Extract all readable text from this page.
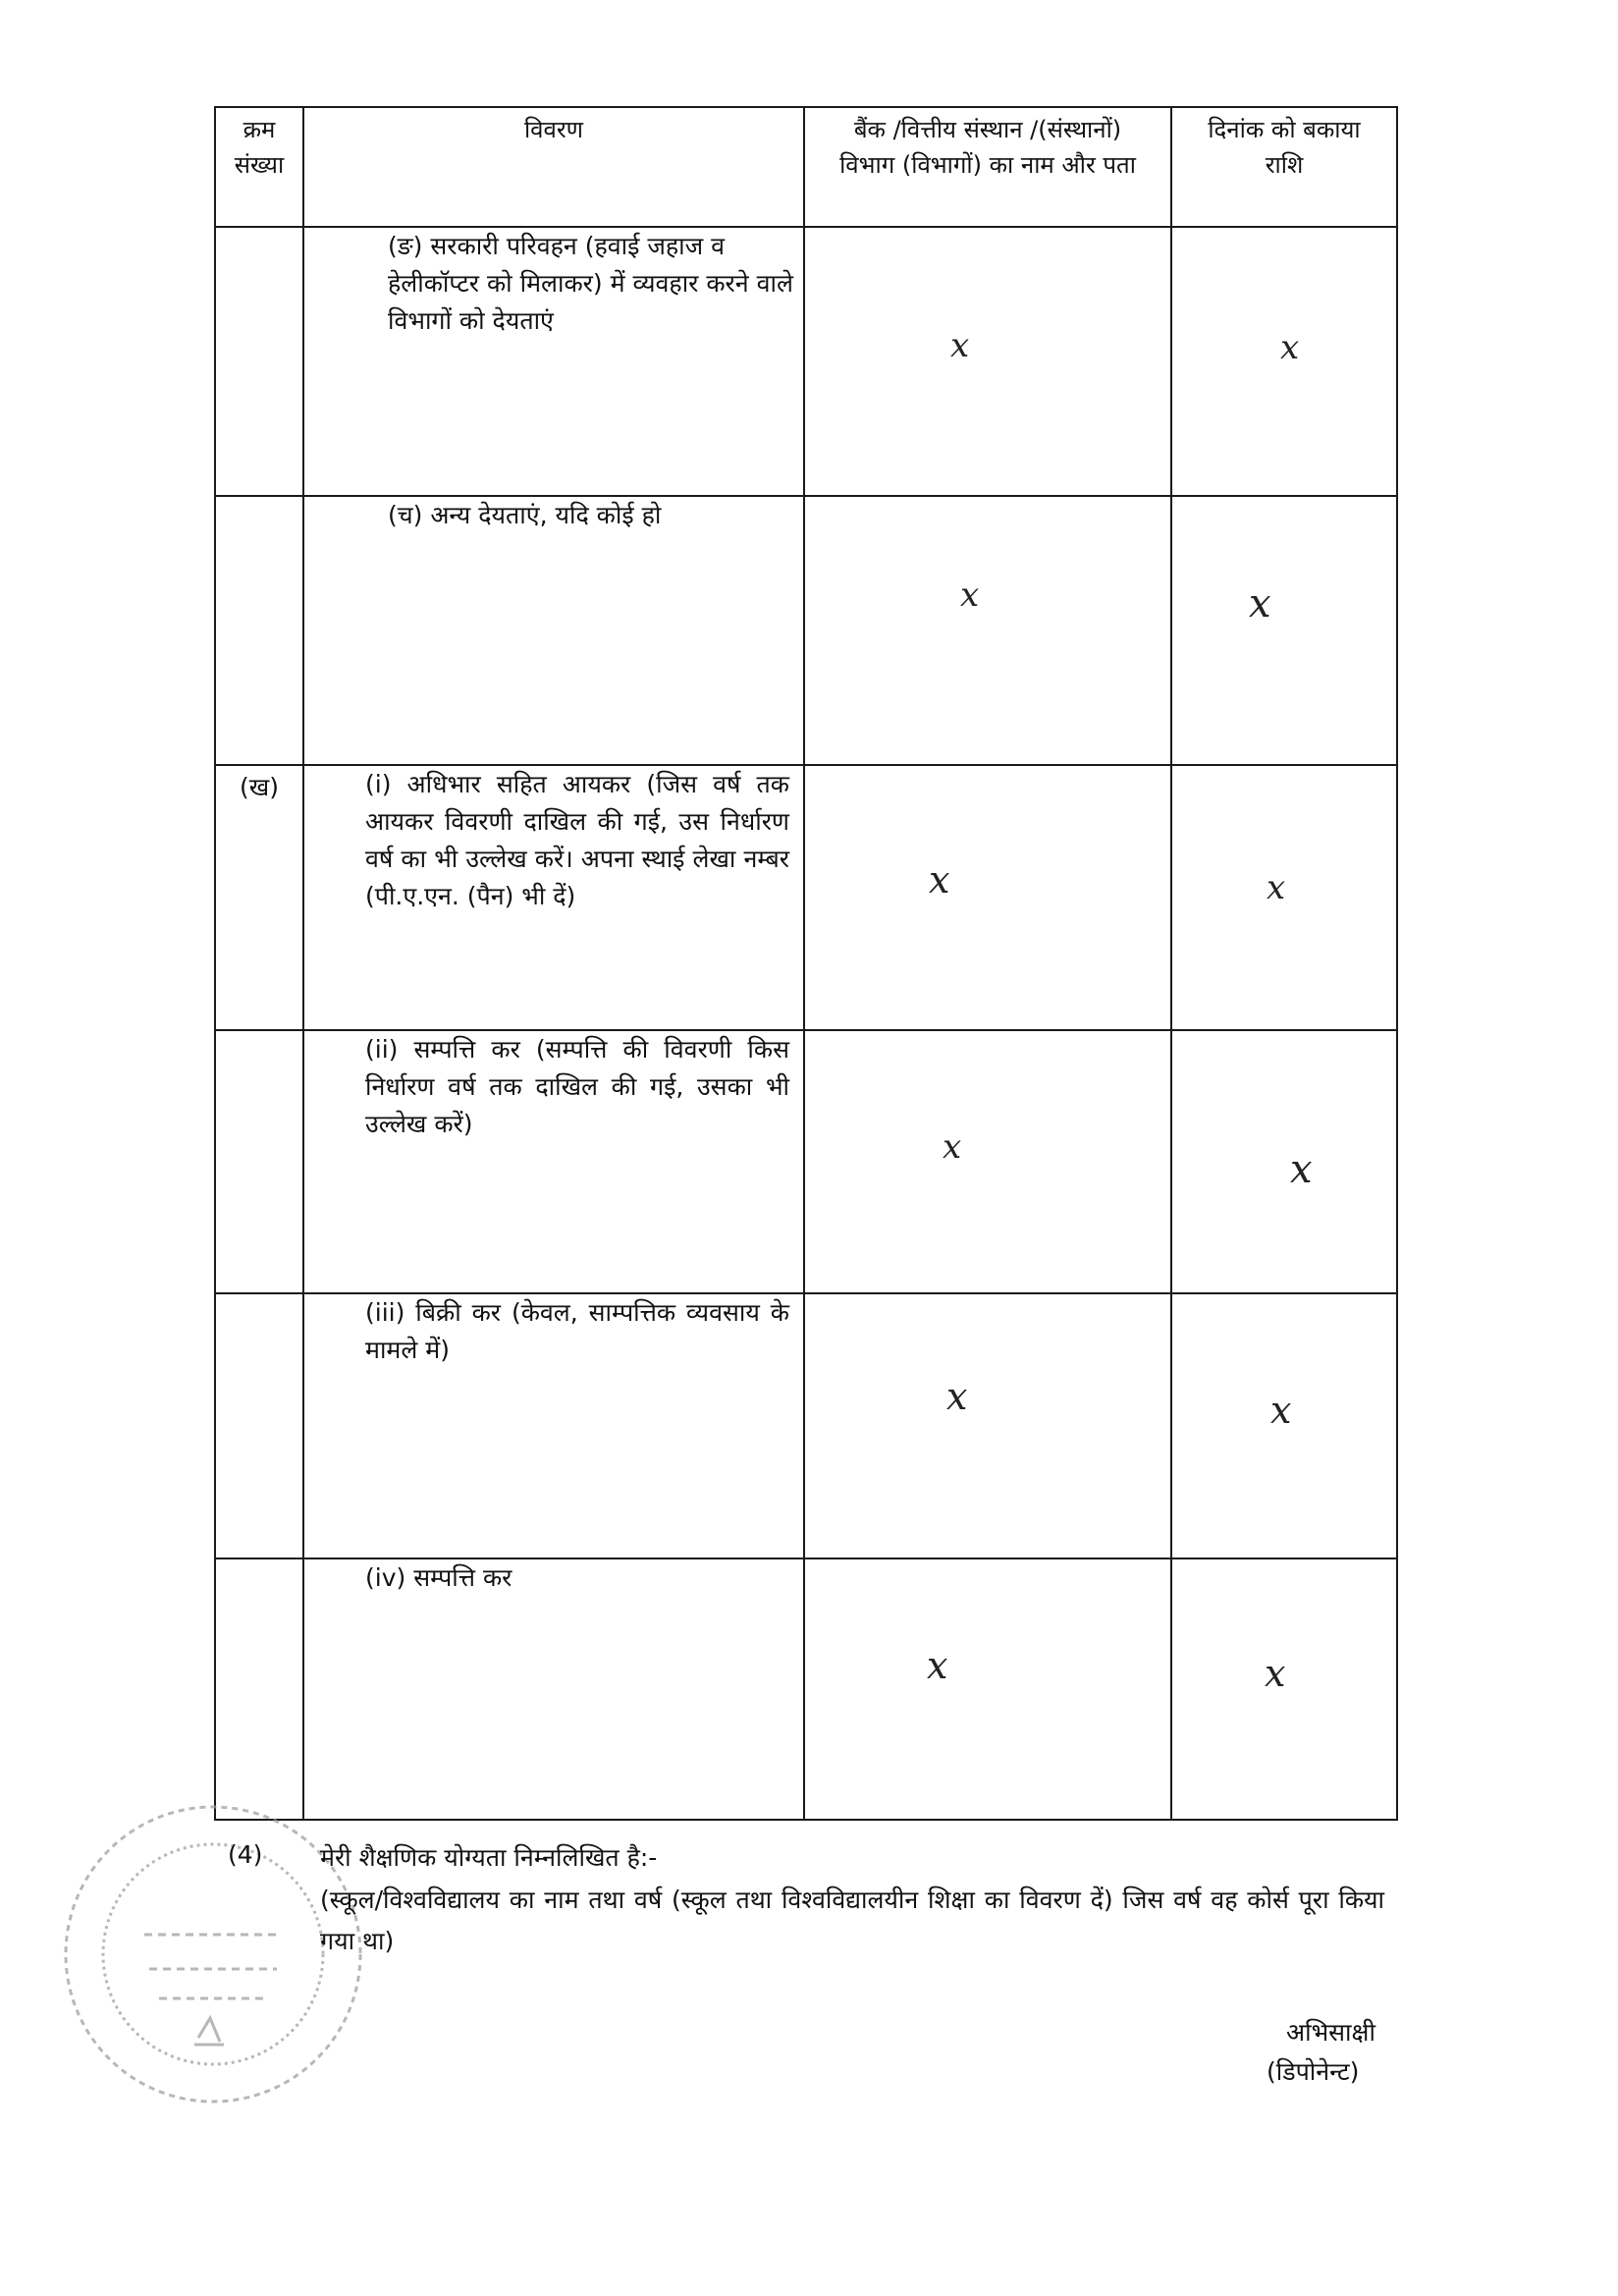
क्रम संख्या	विवरण	बैंक /वित्तीय संस्थान /(संस्थानों) विभाग (विभागों) का नाम और पता	दिनांक को बकाया राशि
	(ङ) सरकारी परिवहन (हवाई जहाज व हेलीकॉप्टर को मिलाकर) में व्यवहार करने वाले विभागों को देयताएं	x	x

	(च) अन्य देयताएं, यदि कोई हो	x	x

(ख)	(i) अधिभार सहित आयकर (जिस वर्ष तक आयकर विवरणी दाखिल की गई, उस निर्धारण वर्ष का भी उल्लेख करें। अपना स्थाई लेखा नम्बर (पी.ए.एन. (पैन) भी दें)	x	x

	(ii) सम्पत्ति कर (सम्पत्ति की विवरणी किस निर्धारण वर्ष तक दाखिल की गई, उसका भी उल्लेख करें)	x	x

	(iii) बिक्री कर (केवल, साम्पत्तिक व्यवसाय के मामले में)	x	x

	(iv) सम्पत्ति कर	x	x
(4) मेरी शैक्षणिक योग्यता निम्नलिखित है:-
(स्कूल/विश्वविद्यालय का नाम तथा वर्ष (स्कूल तथा विश्वविद्यालयीन शिक्षा का विवरण दें) जिस वर्ष वह कोर्स पूरा किया गया था)
अभिसाक्षी
(डिपोनेन्ट)
